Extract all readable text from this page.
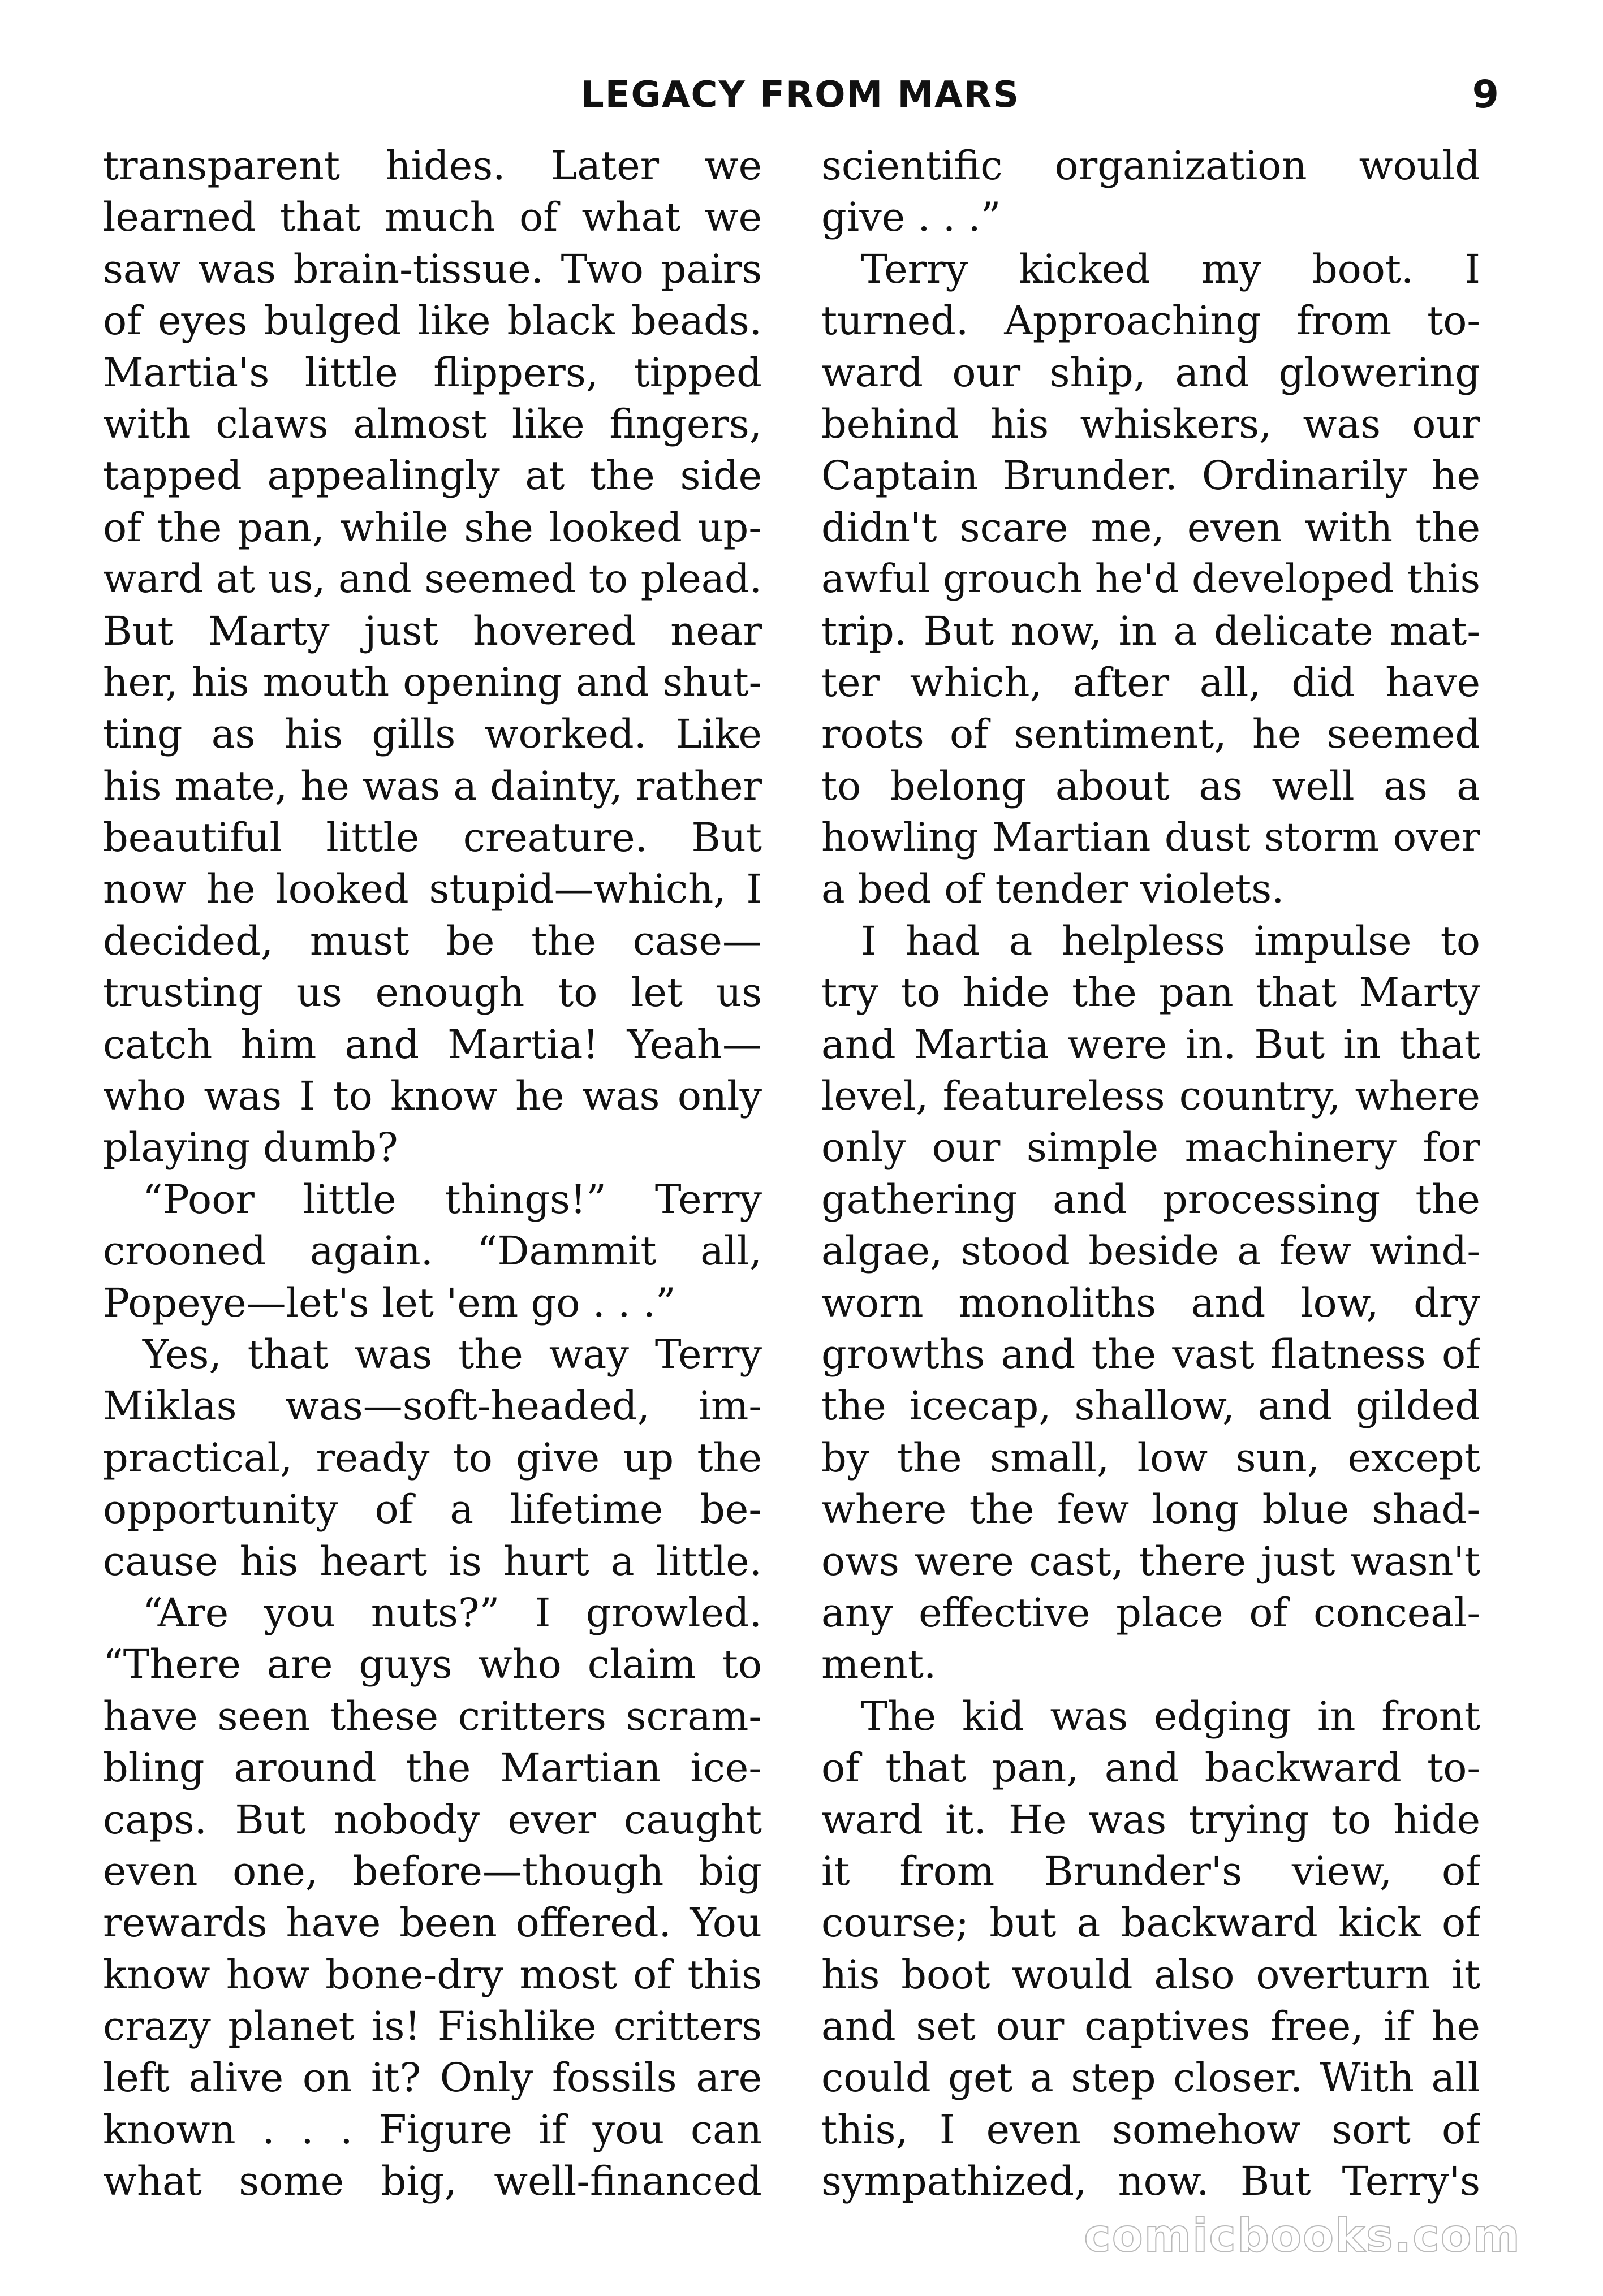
LEGACY FROM MARS	9
transparent hides. Later we
learned that much of what we
saw was brain-tissue. Two pairs
of eyes bulged like black beads.
Martia's little flippers, tipped
with claws almost like fingers,
tapped appealingly at the side
of the pan, while she looked up-
ward at us, and seemed to plead.
But Marty just hovered near
her, his mouth opening and shut-
ting as his gills worked. Like
his mate, he was a dainty, rather
beautiful little creature. But
now he looked stupid—which, I
decided, must be the case—
trusting us enough to let us
catch him and Martia! Yeah—
who was I to know he was only
playing dumb?
“Poor little things!” Terry
crooned again. “Dammit all,
Popeye—let's let 'em go . . .”
Yes, that was the way Terry
Miklas was—soft-headed, im-
practical, ready to give up the
opportunity of a lifetime be-
cause his heart is hurt a little.
“Are you nuts?” I growled.
“There are guys who claim to
have seen these critters scram-
bling around the Martian ice-
caps. But nobody ever caught
even one, before—though big
rewards have been offered. You
know how bone-dry most of this
crazy planet is! Fishlike critters
left alive on it? Only fossils are
known . . . Figure if you can
what some big, well-financed
scientific organization would
give . . .”
Terry kicked my boot. I
turned. Approaching from to-
ward our ship, and glowering
behind his whiskers, was our
Captain Brunder. Ordinarily he
didn't scare me, even with the
awful grouch he'd developed this
trip. But now, in a delicate mat-
ter which, after all, did have
roots of sentiment, he seemed
to belong about as well as a
howling Martian dust storm over
a bed of tender violets.
I had a helpless impulse to
try to hide the pan that Marty
and Martia were in. But in that
level, featureless country, where
only our simple machinery for
gathering and processing the
algae, stood beside a few wind-
worn monoliths and low, dry
growths and the vast flatness of
the icecap, shallow, and gilded
by the small, low sun, except
where the few long blue shad-
ows were cast, there just wasn't
any effective place of conceal-
ment.
The kid was edging in front
of that pan, and backward to-
ward it. He was trying to hide
it from Brunder's view, of
course; but a backward kick of
his boot would also overturn it
and set our captives free, if he
could get a step closer. With all
this, I even somehow sort of
sympathized, now. But Terry's
comicbooks.com
